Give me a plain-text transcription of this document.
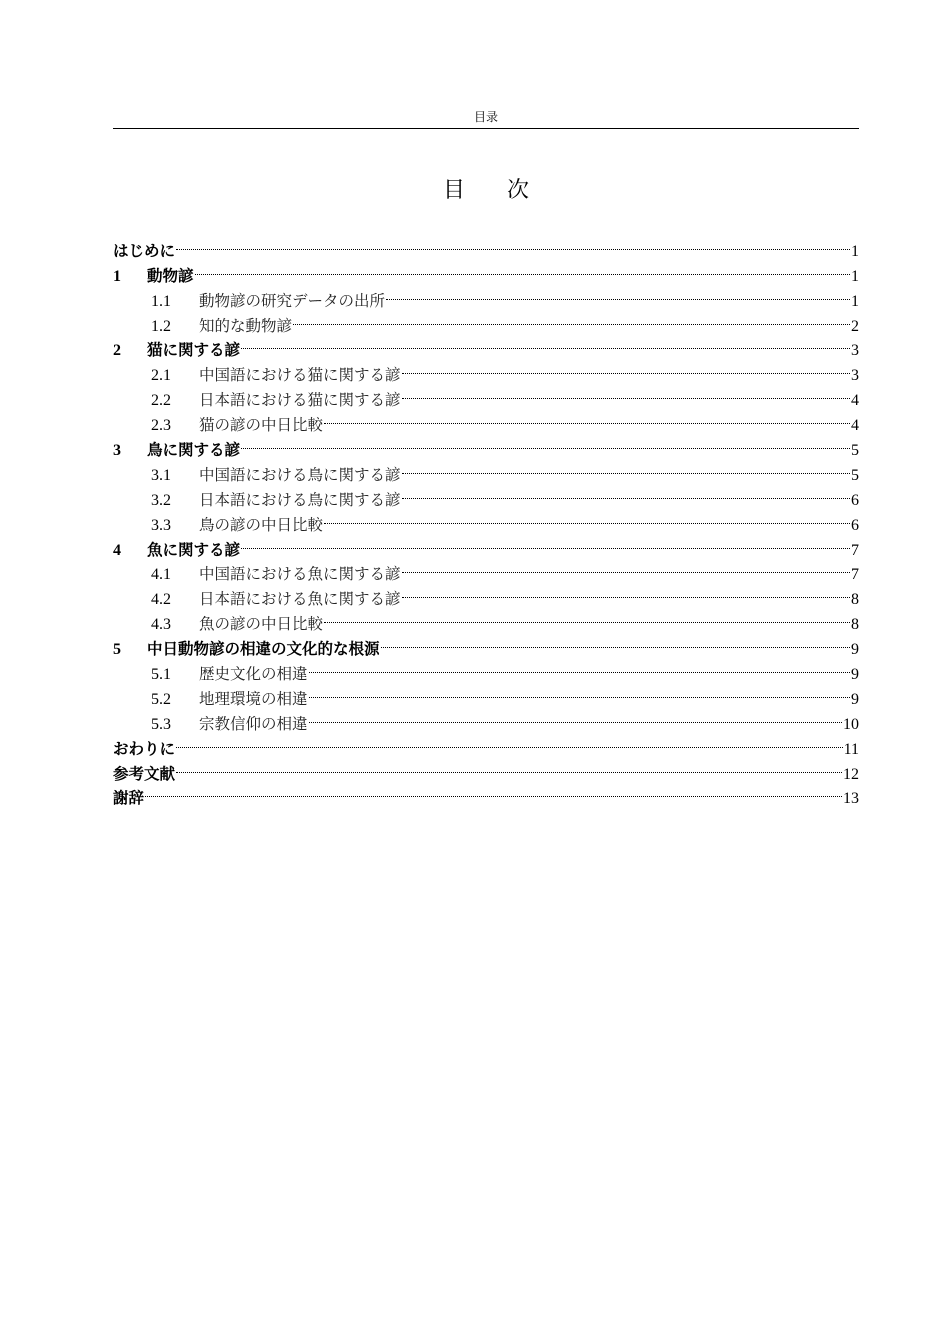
目录
目 次
はじめに	1
1	動物諺	1
1.1	動物諺の研究データの出所	1
1.2	知的な動物諺	2
2	猫に関する諺	3
2.1	中国語における猫に関する諺	3
2.2	日本語における猫に関する諺	4
2.3	猫の諺の中日比較	4
3	鳥に関する諺	5
3.1	中国語における鳥に関する諺	5
3.2	日本語における鳥に関する諺	6
3.3	鳥の諺の中日比較	6
4	魚に関する諺	7
4.1	中国語における魚に関する諺	7
4.2	日本語における魚に関する諺	8
4.3	魚の諺の中日比較	8
5	中日動物諺の相違の文化的な根源	9
5.1	歴史文化の相違	9
5.2	地理環境の相違	9
5.3	宗教信仰の相違	10
おわりに	11
参考文献	12
謝辞	13
